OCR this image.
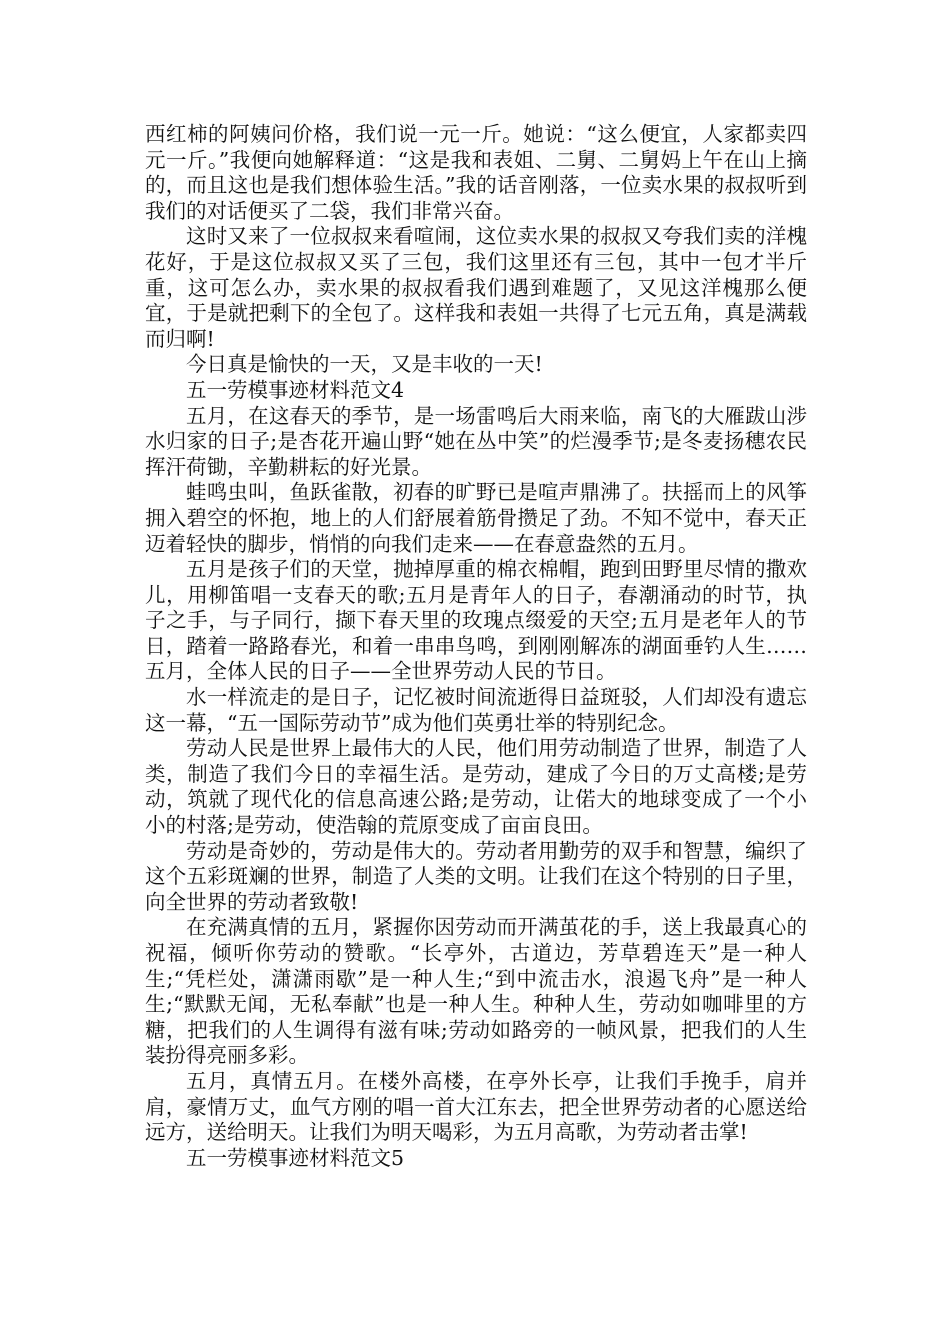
西红柿的阿姨问价格，我们说一元一斤。她说：“这么便宜，人家都卖四元一斤。”我便向她解释道：“这是我和表姐、二舅、二舅妈上午在山上摘的，而且这也是我们想体验生活。”我的话音刚落，一位卖水果的叔叔听到我们的对话便买了二袋，我们非常兴奋。

这时又来了一位叔叔来看喧闹，这位卖水果的叔叔又夸我们卖的洋槐花好，于是这位叔叔又买了三包，我们这里还有三包，其中一包才半斤重，这可怎么办，卖水果的叔叔看我们遇到难题了，又见这洋槐那么便宜，于是就把剩下的全包了。这样我和表姐一共得了七元五角，真是满载而归啊!

今日真是愉快的一天，又是丰收的一天!

五一劳模事迹材料范文4

五月，在这春天的季节，是一场雷鸣后大雨来临，南飞的大雁跋山涉水归家的日子;是杏花开遍山野“她在丛中笑”的烂漫季节;是冬麦扬穗农民挥汗荷锄，辛勤耕耘的好光景。

蛙鸣虫叫，鱼跃雀散，初春的旷野已是喧声鼎沸了。扶摇而上的风筝拥入碧空的怀抱，地上的人们舒展着筋骨攒足了劲。不知不觉中，春天正迈着轻快的脚步，悄悄的向我们走来——在春意盎然的五月。

五月是孩子们的天堂，抛掉厚重的棉衣棉帽，跑到田野里尽情的撒欢儿，用柳笛唱一支春天的歌;五月是青年人的日子，春潮涌动的时节，执子之手，与子同行，撷下春天里的玫瑰点缀爱的天空;五月是老年人的节日，踏着一路路春光，和着一串串鸟鸣，到刚刚解冻的湖面垂钓人生……五月，全体人民的日子——全世界劳动人民的节日。

水一样流走的是日子，记忆被时间流逝得日益斑驳，人们却没有遗忘这一幕，“五一国际劳动节”成为他们英勇壮举的特别纪念。

劳动人民是世界上最伟大的人民，他们用劳动制造了世界，制造了人类，制造了我们今日的幸福生活。是劳动，建成了今日的万丈高楼;是劳动，筑就了现代化的信息高速公路;是劳动，让偌大的地球变成了一个小小的村落;是劳动，使浩翰的荒原变成了亩亩良田。

劳动是奇妙的，劳动是伟大的。劳动者用勤劳的双手和智慧，编织了这个五彩斑斓的世界，制造了人类的文明。让我们在这个特别的日子里，向全世界的劳动者致敬!

在充满真情的五月，紧握你因劳动而开满茧花的手，送上我最真心的祝福，倾听你劳动的赞歌。“长亭外，古道边，芳草碧连天”是一种人生;“凭栏处，潇潇雨歇”是一种人生;“到中流击水，浪遏飞舟”是一种人生;“默默无闻，无私奉献”也是一种人生。种种人生，劳动如咖啡里的方糖，把我们的人生调得有滋有味;劳动如路旁的一帧风景，把我们的人生装扮得亮丽多彩。

五月，真情五月。在楼外高楼，在亭外长亭，让我们手挽手，肩并肩，豪情万丈，血气方刚的唱一首大江东去，把全世界劳动者的心愿送给远方，送给明天。让我们为明天喝彩，为五月高歌，为劳动者击掌!

五一劳模事迹材料范文5
